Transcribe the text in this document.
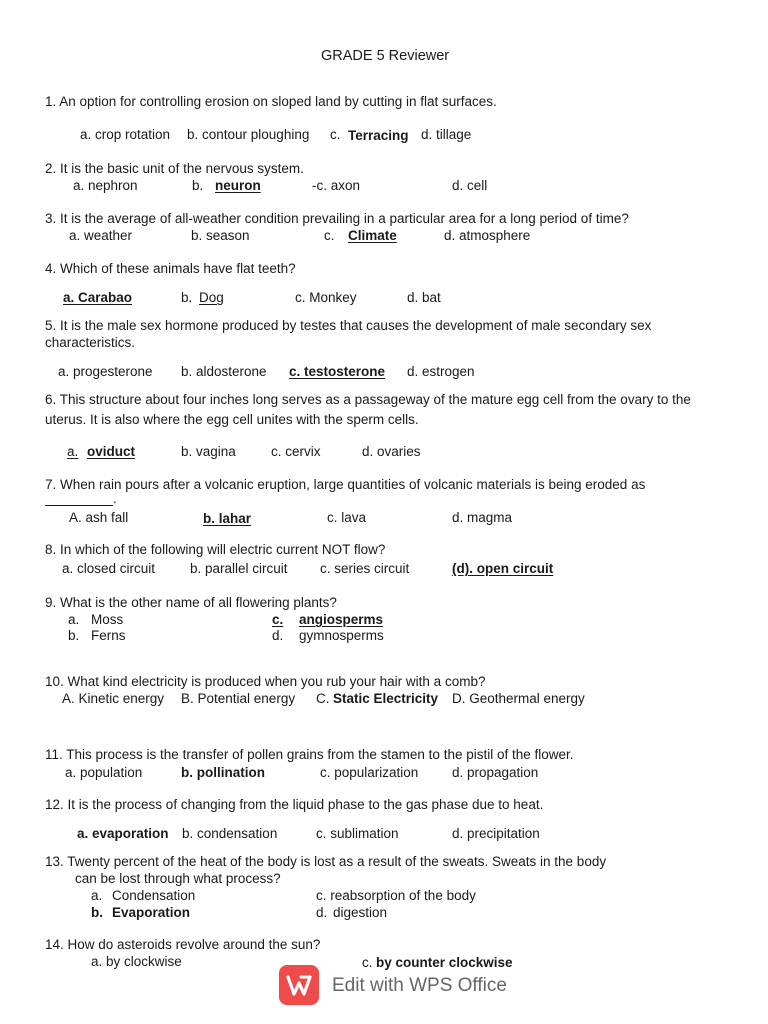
GRADE 5 Reviewer
1. An option for controlling erosion on sloped land by cutting in flat surfaces.
a. crop rotation b. contour ploughing c. Terracing d. tillage
2. It is the basic unit of the nervous system.
a. nephron	b. neuron	-c. axon	d. cell
3. It is the average of all-weather condition prevailing in a particular area for a long period of time?
a. weather	b. season	c. Climate	d. atmosphere
4. Which of these animals have flat teeth?
a. Carabao	b. Dog	c. Monkey	d. bat
5. It is the male sex hormone produced by testes that causes the development of male secondary sex
characteristics.
a. progesterone b. aldosterone c. testosterone d. estrogen
6. This structure about four inches long serves as a passageway of the mature egg cell from the ovary to the
uterus. It is also where the egg cell unites with the sperm cells.
a. oviduct	b. vagina	c. cervix	d. ovaries
7. When rain pours after a volcanic eruption, large quantities of volcanic materials is being eroded as
.
A. ash fall	b. lahar	c. lava	d. magma
8. In which of the following will electric current NOT flow?
a. closed circuit	b. parallel circuit c. series circuit	(d). open circuit
9. What is the other name of all flowering plants?
a. Moss
b. Ferns
c. angiosperms
d. gymnosperms
10. What kind electricity is produced when you rub your hair with a comb?
A. Kinetic energy B. Potential energy C. Static Electricity D. Geothermal energy
11. This process is the transfer of pollen grains from the stamen to the pistil of the flower.
a. population	b. pollination	c. popularization d. propagation
12. It is the process of changing from the liquid phase to the gas phase due to heat.
a. evaporation b. condensation	c. sublimation	d. precipitation
13. Twenty percent of the heat of the body is lost as a result of the sweats. Sweats in the body
can be lost through what process?
a. Condensation
b. Evaporation
c. reabsorption of the body
d. digestion
14. How do asteroids revolve around the sun?
a. by clockwise	c. by counter clockwise
Edit with WPS Office
